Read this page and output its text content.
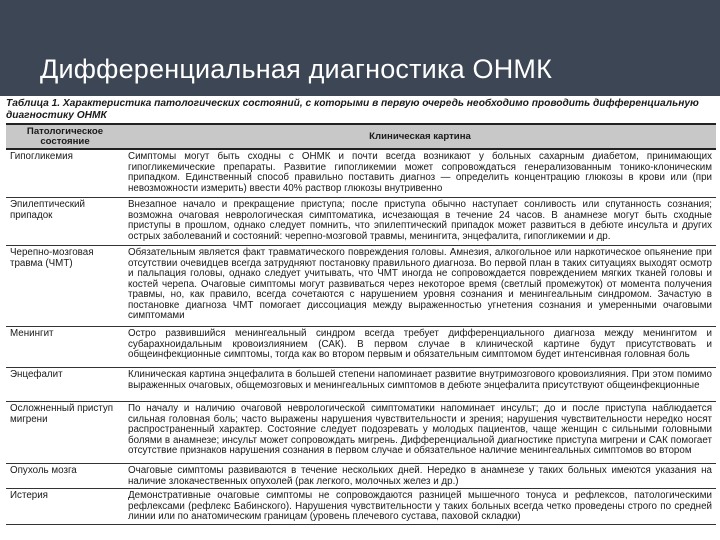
Дифференциальная диагностика ОНМК
Таблица 1. Характеристика патологических состояний, с которыми в первую очередь необходимо проводить дифференциальную диагностику ОНМК
Патологическое состояние	Клиническая картина
Гипогликемия	Симптомы могут быть сходны с ОНМК и почти всегда возникают у больных сахарным диабетом, принимающих гипогликемические препараты. Развитие гипогликемии может сопровождаться генерализованным тонико-клоническим припадком. Единственный способ правильно поставить диагноз — определить концентрацию глюкозы в крови или (при невозможности измерить) ввести 40% раствор глюкозы внутривенно
Эпилептический припадок	Внезапное начало и прекращение приступа; после приступа обычно наступает сонливость или спутанность сознания; возможна очаговая неврологическая симптоматика, исчезающая в течение 24 часов. В анамнезе могут быть сходные приступы в прошлом, однако следует помнить, что эпилептический припадок может развиться в дебюте инсульта и других острых заболеваний и состояний: черепно-мозговой травмы, менингита, энцефалита, гипогликемии и др.
Черепно-мозговая травма (ЧМТ)	Обязательным является факт травматического повреждения головы. Амнезия, алкогольное или наркотическое опьянение при отсутствии очевидцев всегда затрудняют постановку правильного диагноза. Во первой план в таких ситуациях выходят осмотр и пальпация головы, однако следует учитывать, что ЧМТ иногда не сопровождается повреждением мягких тканей головы и костей черепа. Очаговые симптомы могут развиваться через некоторое время (светлый промежуток) от момента получения травмы, но, как правило, всегда сочетаются с нарушением уровня сознания и менингеальным синдромом. Зачастую в постановке диагноза ЧМТ помогает диссоциация между выраженностью угнетения сознания и умеренными очаговыми симптомами
Менингит	Остро развившийся менингеальный синдром всегда требует дифференциального диагноза между менингитом и субарахноидальным кровоизлиянием (САК). В первом случае в клинической картине будут присутствовать и общеинфекционные симптомы, тогда как во втором первым и обязательным симптомом будет интенсивная головная боль
Энцефалит	Клиническая картина энцефалита в большей степени напоминает развитие внутримозгового кровоизлияния. При этом помимо выраженных очаговых, общемозговых и менингеальных симптомов в дебюте энцефалита присутствуют общеинфекционные
Осложненный приступ мигрени	По началу и наличию очаговой неврологической симптоматики напоминает инсульт; до и после приступа наблюдается сильная головная боль; часто выражены нарушения чувствительности и зрения; нарушения чувствительности нередко носят распространенный характер. Состояние следует подозревать у молодых пациентов, чаще женщин с сильными головными болями в анамнезе; инсульт может сопровождать мигрень. Дифференциальной диагностике приступа мигрени и САК помогает отсутствие признаков нарушения сознания в первом случае и обязательное наличие менингеальных симптомов во втором
Опухоль мозга	Очаговые симптомы развиваются в течение нескольких дней. Нередко в анамнезе у таких больных имеются указания на наличие злокачественных опухолей (рак легкого, молочных желез и др.)
Истерия	Демонстративные очаговые симптомы не сопровождаются разницей мышечного тонуса и рефлексов, патологическими рефлексами (рефлекс Бабинского). Нарушения чувствительности у таких больных всегда четко проведены строго по средней линии или по анатомическим границам (уровень плечевого сустава, паховой складки)
